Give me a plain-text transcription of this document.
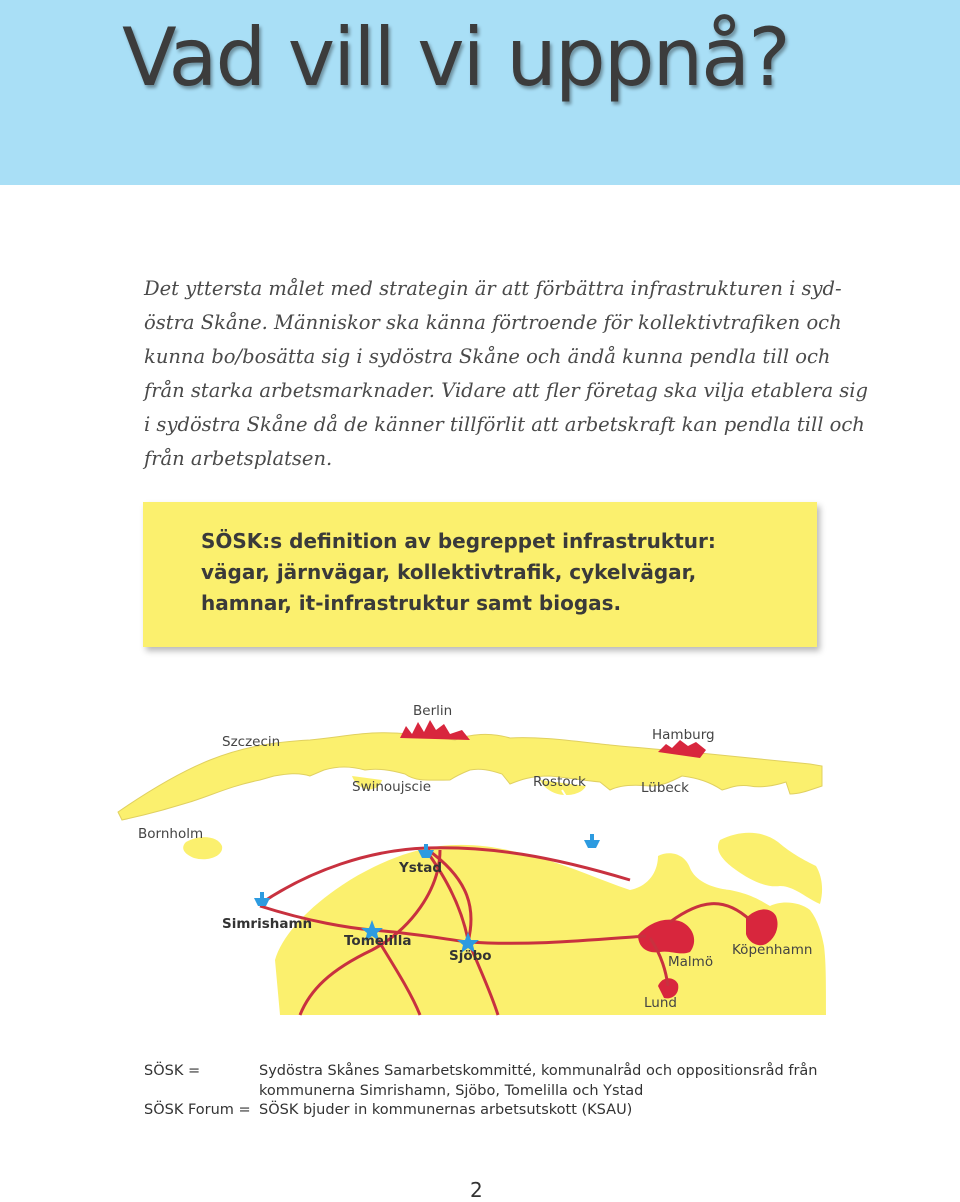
Vad vill vi uppnå?
Det yttersta målet med strategin är att förbättra infrastrukturen i syd-
östra Skåne. Människor ska känna förtroende för kollektivtrafiken och
kunna bo/bosätta sig i sydöstra Skåne och ändå kunna pendla till och
från starka arbetsmarknader. Vidare att fler företag ska vilja etablera sig
i sydöstra Skåne då de känner tillförlit att arbetskraft kan pendla till och
från arbetsplatsen.
SÖSK:s definition av begreppet infrastruktur:
vägar, järnvägar, kollektivtrafik, cykelvägar,
hamnar, it-infrastruktur samt biogas.
Berlin
Szczecin	Hamburg
Swinoujscie	Rostock	Lübeck
Bornholm
Ystad
Simrishamn
Tomelilla
Sjöbo	Malmö
Köpenhamn
Lund
SÖSK =	Sydöstra Skånes Samarbetskommitté, kommunalråd och oppositionsråd från
kommunerna Simrishamn, Sjöbo, Tomelilla och Ystad
SÖSK Forum = SÖSK bjuder in kommunernas arbetsutskott (KSAU)
2
